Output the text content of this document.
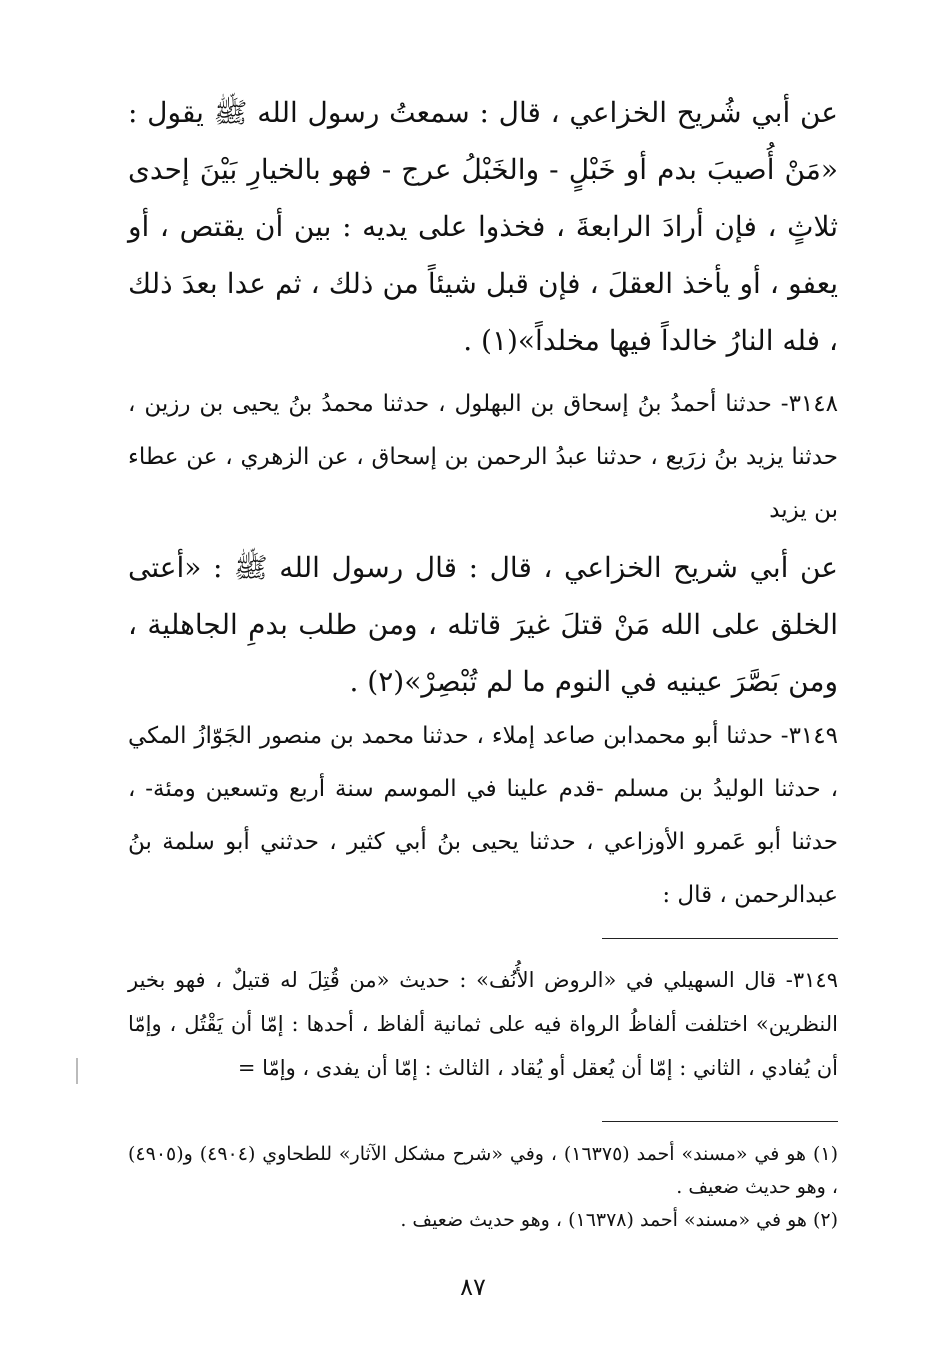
عن أبي شُريح الخزاعي ، قال : سمعتُ رسول الله ﷺ يقول : «مَنْ أُصيبَ بدم أو خَبْلٍ - والخَبْلُ عرج - فهو بالخيارِ بَيْنَ إحدى ثلاثٍ ، فإن أرادَ الرابعةَ ، فخذوا على يديه : بين أن يقتص ، أو يعفو ، أو يأخذ العقلَ ، فإن قبل شيئاً من ذلك ، ثم عدا بعدَ ذلك ، فله النارُ خالداً فيها مخلداً»(١) .

٣١٤٨- حدثنا أحمدُ بنُ إسحاق بن البهلول ، حدثنا محمدُ بنُ يحيى بن رزين ، حدثنا يزيد بنُ زرَيع ، حدثنا عبدُ الرحمن بن إسحاق ، عن الزهري ، عن عطاء بن يزيد

عن أبي شريح الخزاعي ، قال : قال رسول الله ﷺ : «أعتى الخلق على الله مَنْ قتلَ غيرَ قاتله ، ومن طلب بدمِ الجاهلية ، ومن بَصَّرَ عينيه في النوم ما لم تُبْصِرْ»(٢) .

٣١٤٩- حدثنا أبو محمدابن صاعد إملاء ، حدثنا محمد بن منصور الجَوّازُ المكي ، حدثنا الوليدُ بن مسلم -قدم علينا في الموسم سنة أربع وتسعين ومئة- ، حدثنا أبو عَمرو الأوزاعي ، حدثنا يحيى بنُ أبي كثير ، حدثني أبو سلمة بنُ عبدالرحمن ، قال :

٣١٤٩- قال السهيلي في «الروض الأُنُف» : حديث «من قُتِلَ له قتيلٌ ، فهو بخير النظرين» اختلفت ألفاظُ الرواة فيه على ثمانية ألفاظ ، أحدها : إمّا أن يَقْتُل ، وإمّا أن يُفادي ، الثاني : إمّا أن يُعقل أو يُقاد ، الثالث : إمّا أن يفدى ، وإمّا =

(١) هو في «مسند» أحمد (١٦٣٧٥) ، وفي «شرح مشكل الآثار» للطحاوي (٤٩٠٤) و(٤٩٠٥) ، وهو حديث ضعيف .

(٢) هو في «مسند» أحمد (١٦٣٧٨) ، وهو حديث ضعيف .

٨٧
